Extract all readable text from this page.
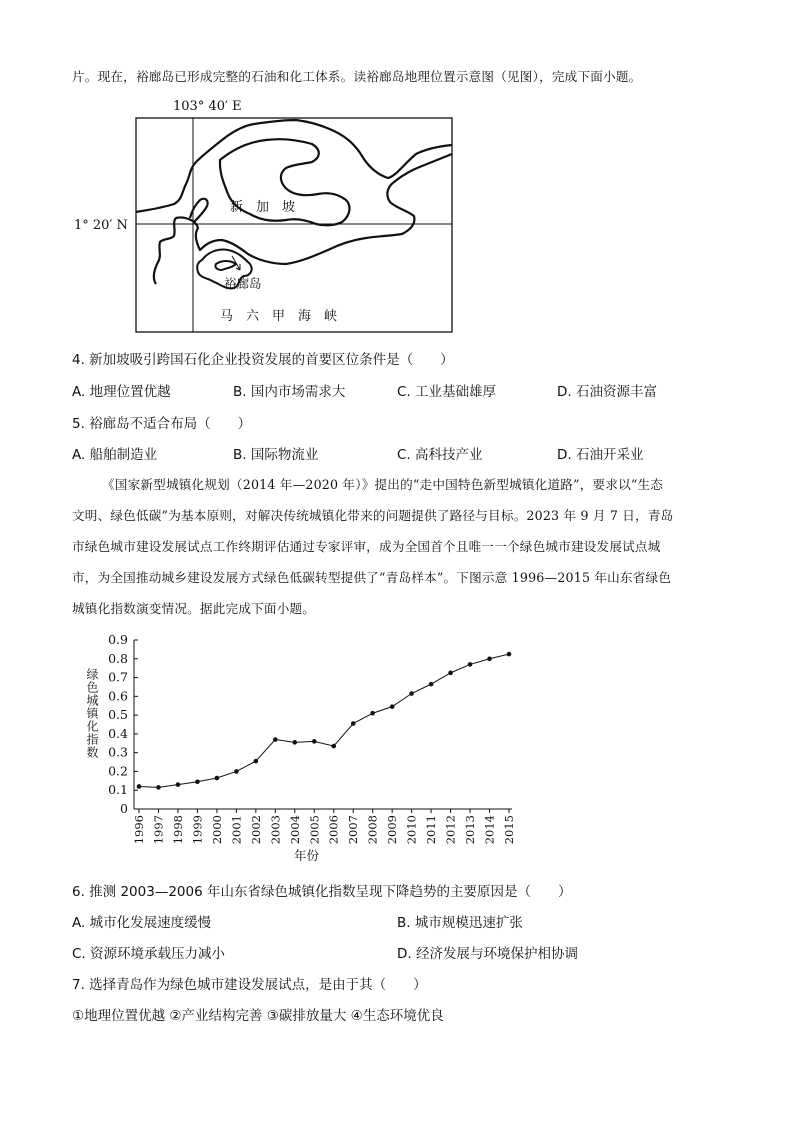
片。现在，裕廊岛已形成完整的石油和化工体系。读裕廊岛地理位置示意图（见图），完成下面小题。
103° 40′ E
1° 20′ N
新　加　坡
裕廊岛
马　六　甲　海　峡
4. 新加坡吸引跨国石化企业投资发展的首要区位条件是（　　）
A. 地理位置优越	B. 国内市场需求大	C. 工业基础雄厚	D. 石油资源丰富
5. 裕廊岛不适合布局（　　）
A. 船舶制造业	B. 国际物流业	C. 高科技产业	D. 石油开采业
《国家新型城镇化规划（2014 年—2020 年）》提出的“走中国特色新型城镇化道路”，要求以“生态
文明、绿色低碳”为基本原则，对解决传统城镇化带来的问题提供了路径与目标。2023 年 9 月 7 日，青岛
市绿色城市建设发展试点工作终期评估通过专家评审，成为全国首个且唯一一个绿色城市建设发展试点城
市，为全国推动城乡建设发展方式绿色低碳转型提供了“青岛样本”。下图示意 1996—2015 年山东省绿色
城镇化指数演变情况。据此完成下面小题。
0
0.1
0.2
0.3
0.4
0.5
0.6
0.7
0.8
0.9
1996 1997 1998 1999 2000 2001 2002 2003 2004 2005 2006 2007 2008 2009 2010 2011 2012 2013 2014 2015
绿色城镇化指数
年份
6. 推测 2003—2006 年山东省绿色城镇化指数呈现下降趋势的主要原因是（　　）
A. 城市化发展速度缓慢	B. 城市规模迅速扩张
C. 资源环境承载压力减小	D. 经济发展与环境保护相协调
7. 选择青岛作为绿色城市建设发展试点，是由于其（　　）
①地理位置优越 ②产业结构完善 ③碳排放量大 ④生态环境优良
